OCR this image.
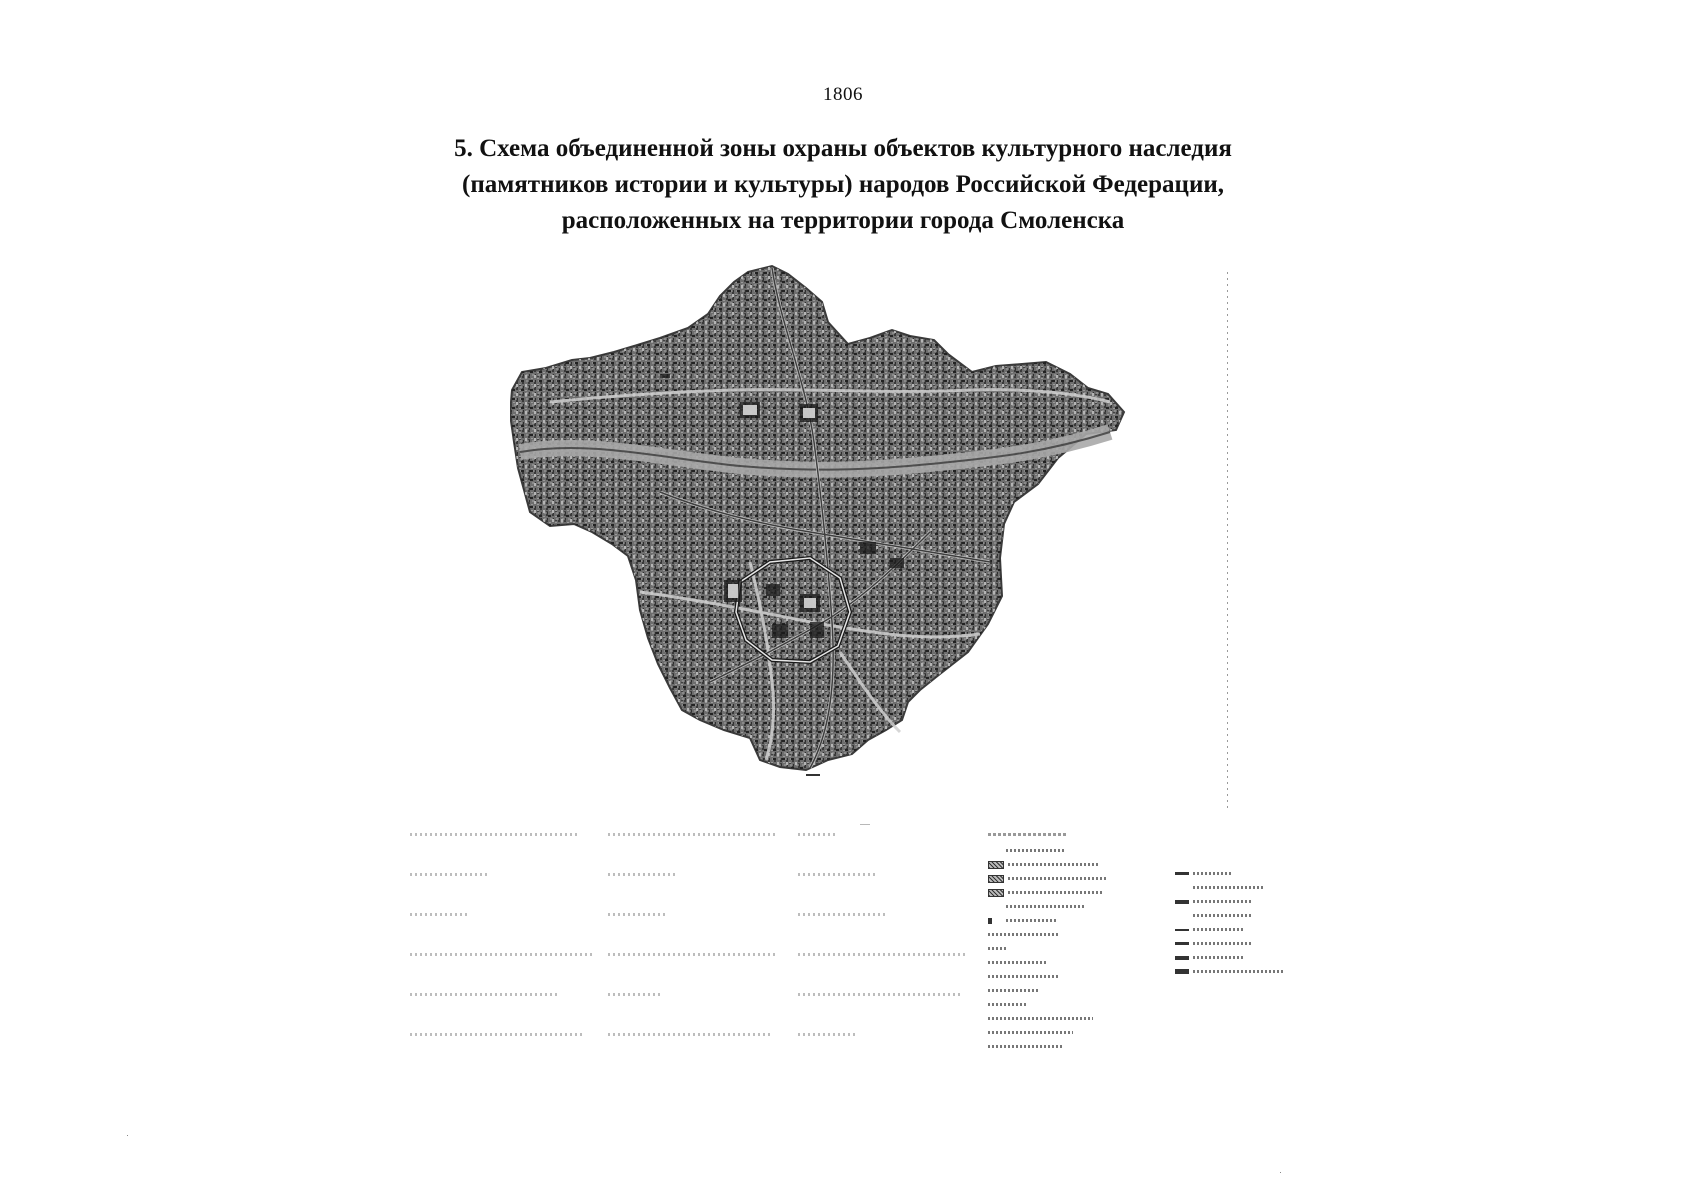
1806
5. Схема объединенной зоны охраны объектов культурного наследия
(памятников истории и культуры) народов Российской Федерации,
расположенных на территории города Смоленска
——
